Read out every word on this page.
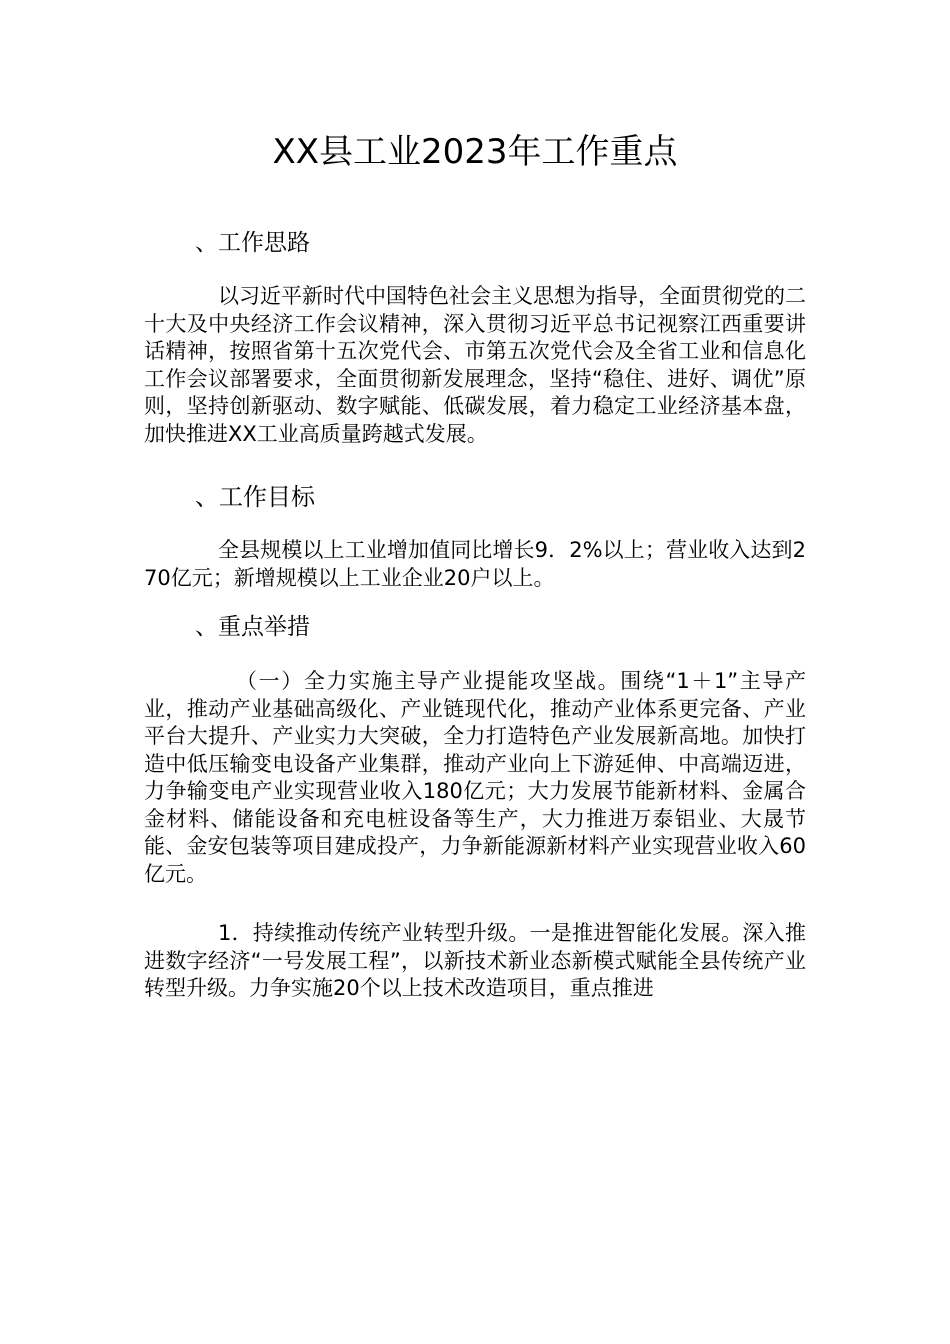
XX县工业2023年工作重点
、工作思路
以习近平新时代中国特色社会主义思想为指导，全面贯彻党的二十大及中央经济工作会议精神，深入贯彻习近平总书记视察江西重要讲话精神，按照省第十五次党代会、市第五次党代会及全省工业和信息化工作会议部署要求，全面贯彻新发展理念，坚持“稳住、进好、调优”原则，坚持创新驱动、数字赋能、低碳发展，着力稳定工业经济基本盘，加快推进XX工业高质量跨越式发展。
、工作目标
全县规模以上工业增加值同比增长9．2%以上；营业收入达到270亿元；新增规模以上工业企业20户以上。
、重点举措
（一）全力实施主导产业提能攻坚战。围绕“1＋1”主导产业，推动产业基础高级化、产业链现代化，推动产业体系更完备、产业平台大提升、产业实力大突破，全力打造特色产业发展新高地。加快打造中低压输变电设备产业集群，推动产业向上下游延伸、中高端迈进，力争输变电产业实现营业收入180亿元；大力发展节能新材料、金属合金材料、储能设备和充电桩设备等生产，大力推进万泰铝业、大晟节能、金安包装等项目建成投产，力争新能源新材料产业实现营业收入60亿元。
1．持续推动传统产业转型升级。一是推进智能化发展。深入推进数字经济“一号发展工程”，以新技术新业态新模式赋能全县传统产业转型升级。力争实施20个以上技术改造项目，重点推进
